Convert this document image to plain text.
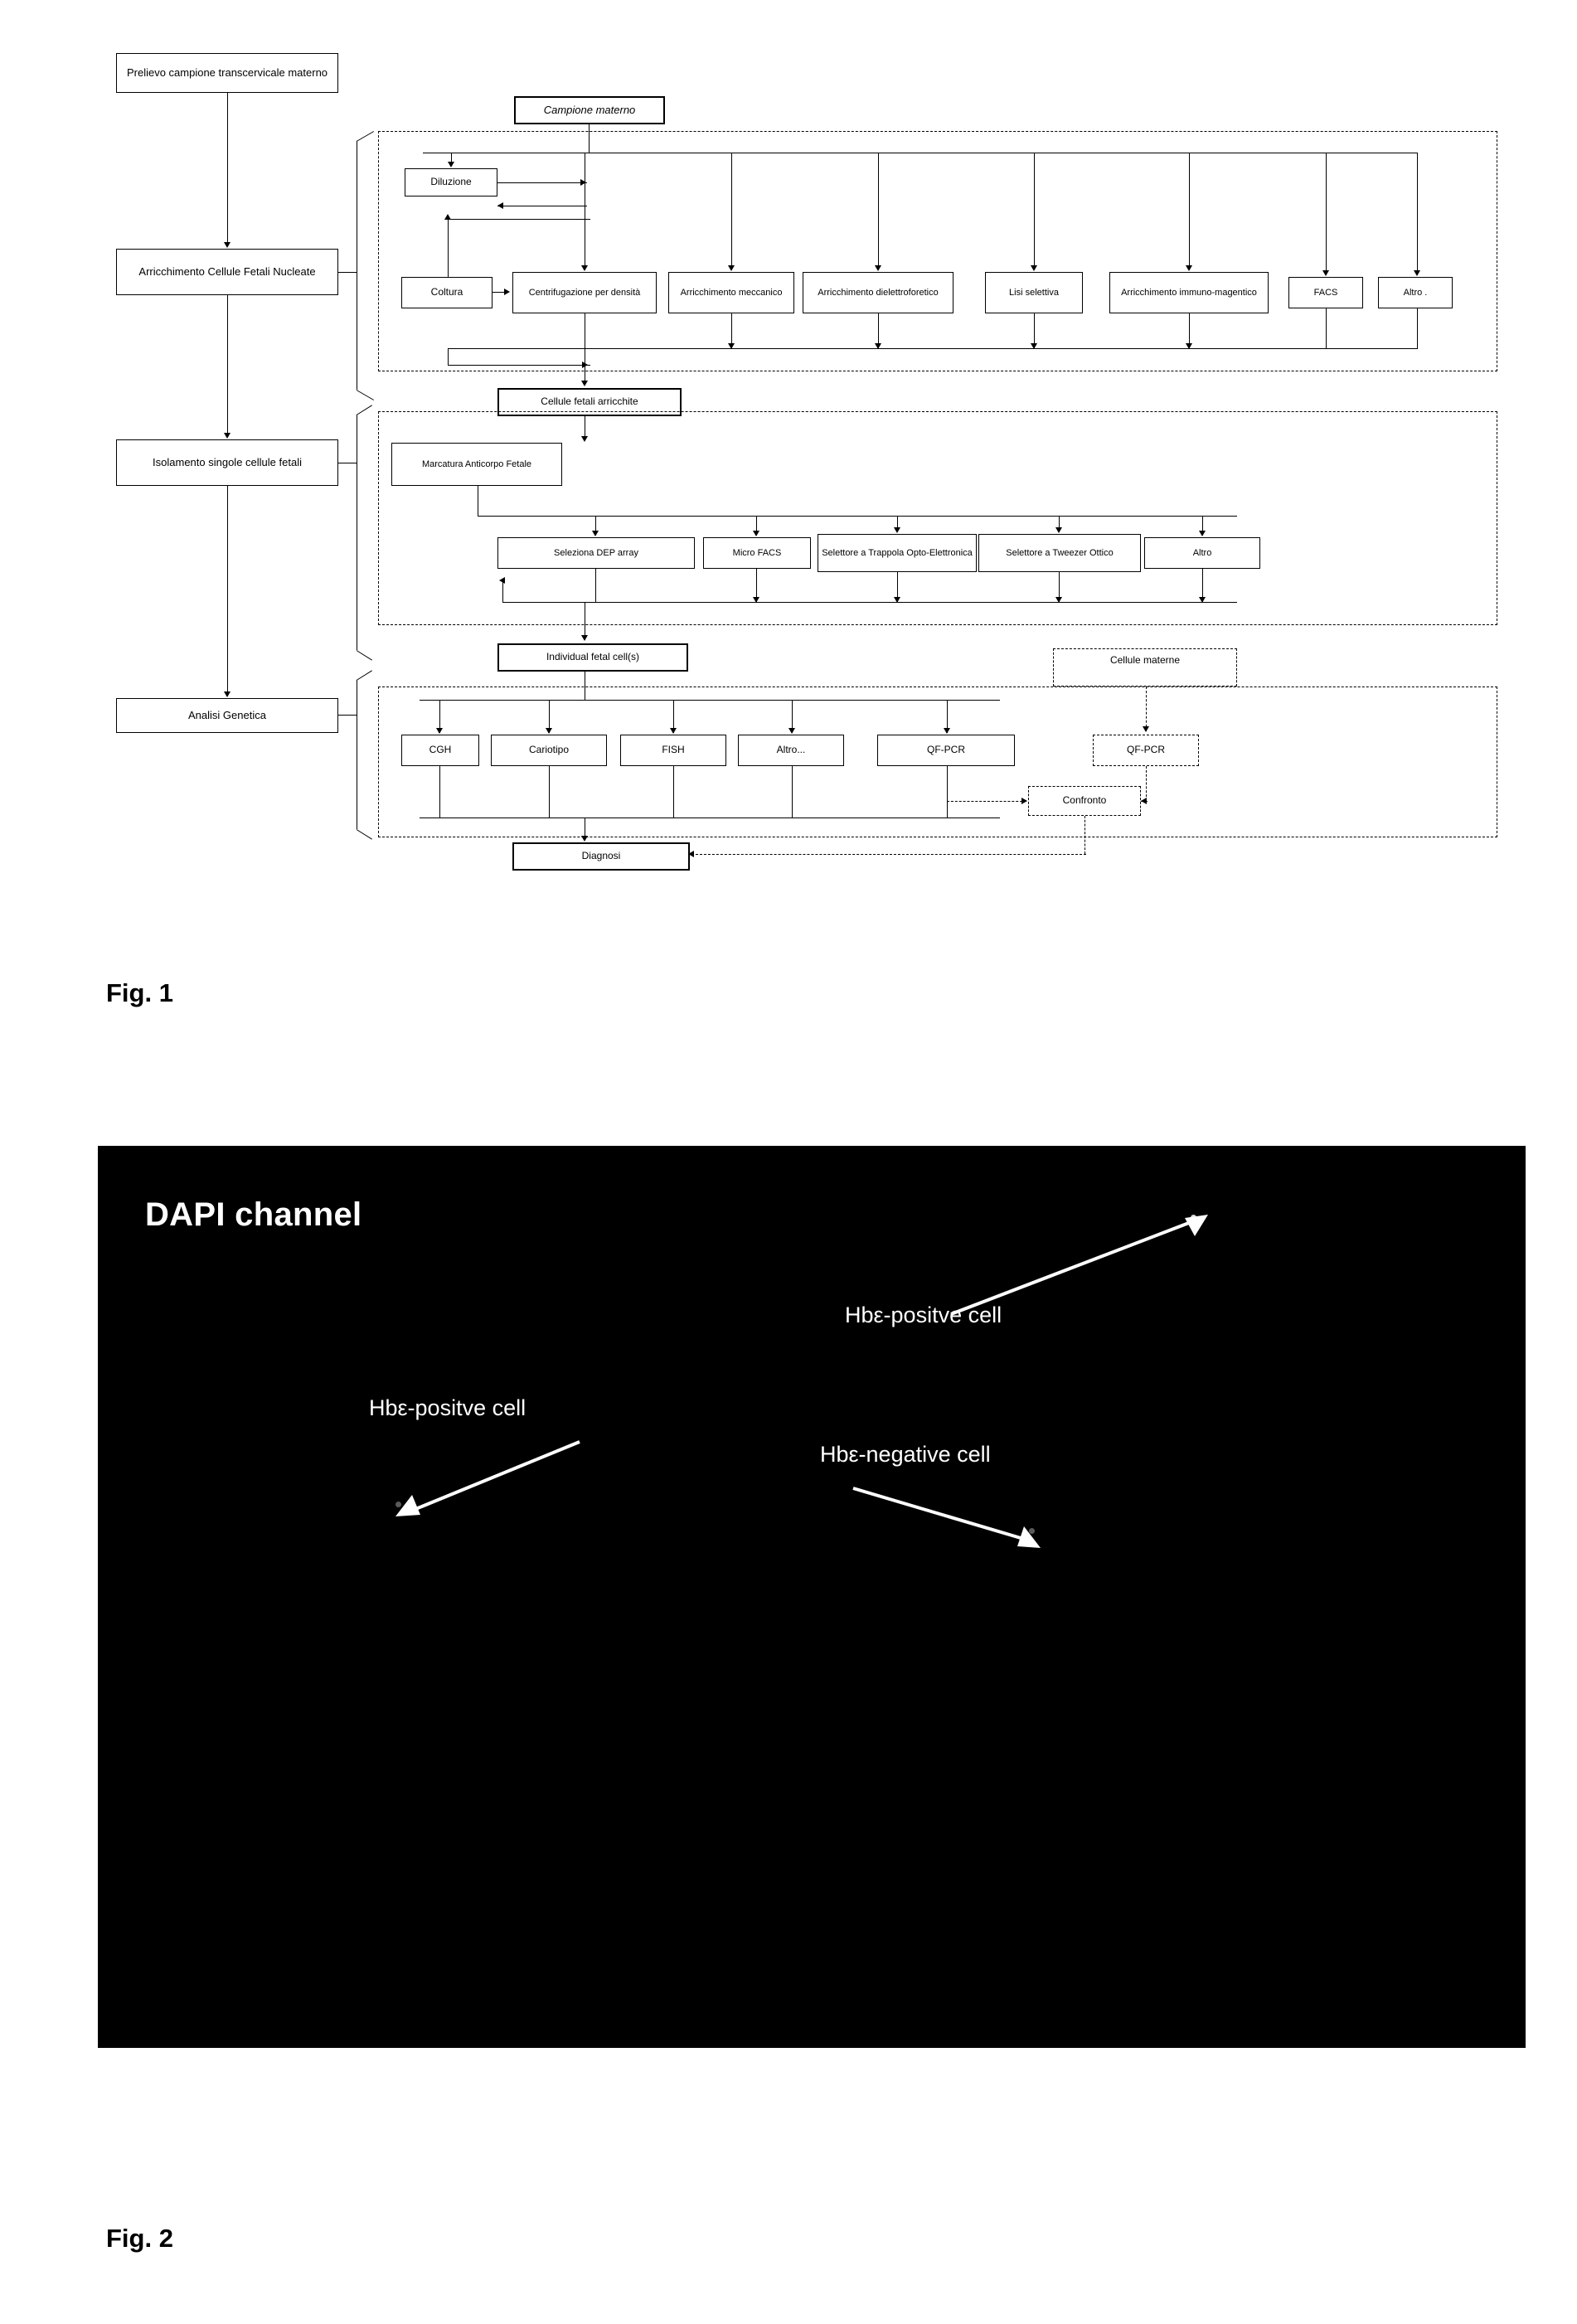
Prelievo campione transcervicale materno
Arricchimento Cellule Fetali Nucleate
Isolamento singole cellule fetali
Analisi Genetica
Campione materno
Diluzione
Coltura	Centrifugazione per densità	Arricchimento meccanico	Arricchimento dielettroforetico	Lisi selettiva	Arricchimento immuno-magentico	FACS	Altro .
Cellule fetali arricchite
Marcatura Anticorpo Fetale
Seleziona DEP array	Micro FACS	Selettore a Trappola Opto-Elettronica	Selettore a Tweezer Ottico	Altro
Individual fetal cell(s)	Cellule materne
CGH	Cariotipo	FISH	Altro...	QF-PCR	QF-PCR
Confronto
Diagnosi
Fig. 1
DAPI channel
Hbε-positve cell
Hbε-positve cell
Hbε-negative cell
Fig. 2
